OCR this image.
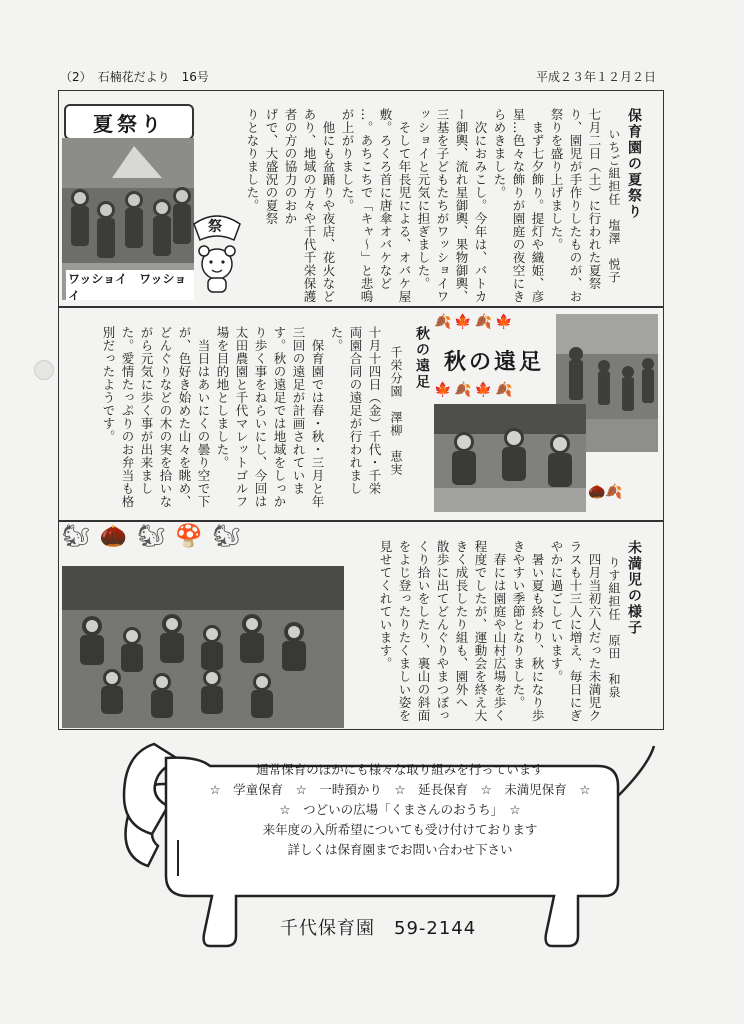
（2）　石楠花だより　16号	平成２３年１２月２日
夏祭り
ワッショイ　ワッショイ
祭
保育園の夏祭り
いちご組担任　塩澤　悦子
七月二日（土）に行われた夏祭
り、園児が手作りしたものが、お
祭りを盛り上げました。
　まず七夕飾り。提灯や織姫、彦
星…色々な飾りが園庭の夜空にき
らめきました。
　次におみこし。今年は、バトカ
ー御輿、流れ星御輿、果物御輿、
三基を子どもたちがワッショイワ
ッショイと元気に担ぎました。
　そして年長児による、オバケ屋
敷。ろくろ首に唐傘オバケなど
…。あちこちで「キャ〜」と悲鳴
が上がりました。
　他にも盆踊りや夜店、花火など
あり、地域の方々や千代千栄保護
者の方の協力のおか
げで、大盛況の夏祭
りとなりました。
秋の遠足
千栄分園　澤柳　恵実
十月十四日（金）千代・千栄
両園合同の遠足が行われまし
た。
　保育園では春・秋・三月と年
三回の遠足が計画されていま
す。秋の遠足では地域をしっか
り歩く事をねらいにし、今回は
太田農園と千代マレットゴルフ
場を目的地としました。
　当日はあいにくの曇り空で下
が、色好き始めた山々を眺め、
どんぐりなどの木の実を拾いな
がら元気に歩く事が出来まし
た。愛情たっぷりのお弁当も格
別だったようです。
🍂🍁🍂🍁
秋の遠足
🍁🍂🍁🍂
🌰🍂
🐿🌰🐿🍄🐿
未満児の様子
りす組担任　原田　和泉
　四月当初六人だった未満児ク
ラスも十三人に増え、毎日にぎ
やかに過ごしています。
　暑い夏も終わり、秋になり歩
きやすい季節となりました。
　春には園庭や山村広場を歩く
程度でしたが、運動会を終え大
きく成長したり組も、園外へ
散歩に出てどんぐりやまつぼっ
くり拾いをしたり、裏山の斜面
をよじ登ったりたくましい姿を
見せてくれています。
通常保育のほかにも様々な取り組みを行っています
☆　学童保育　☆　一時預かり　☆　延長保育　☆　未満児保育　☆
☆　つどいの広場「くまさんのおうち」　☆
来年度の入所希望についても受け付けております
詳しくは保育園までお問い合わせ下さい
千代保育園　59-2144
